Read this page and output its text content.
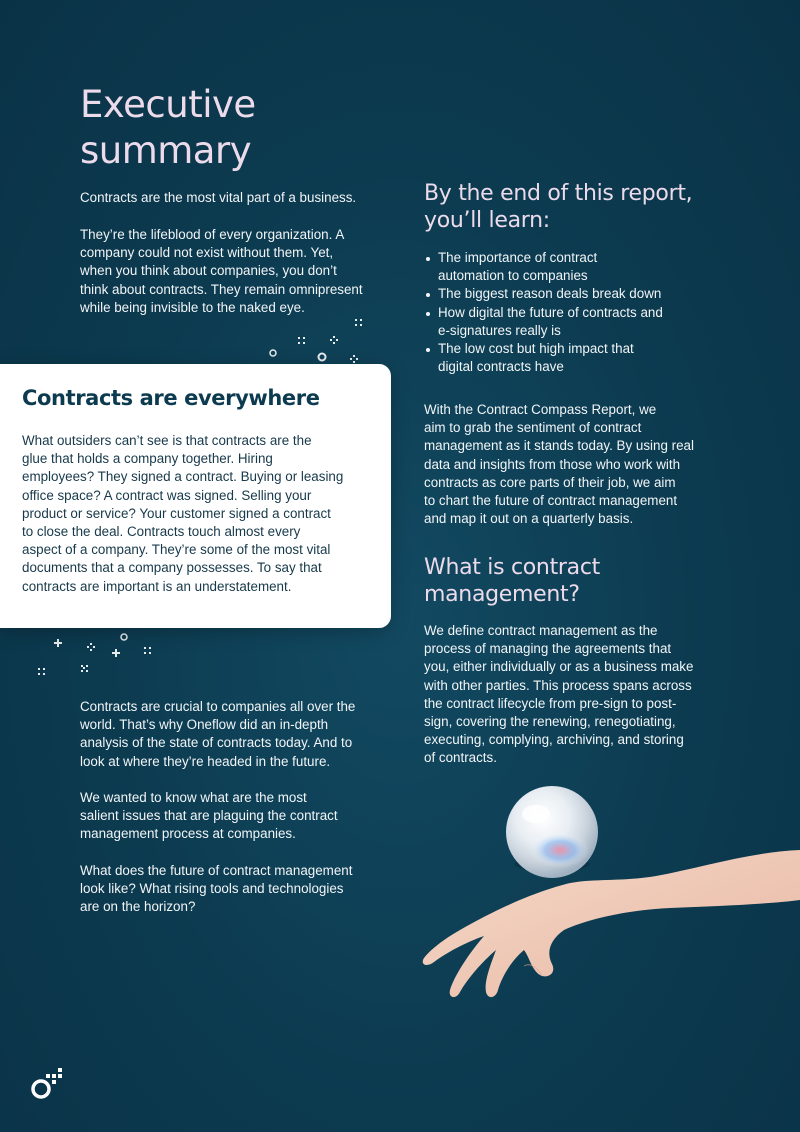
Executive
summary

Contracts are the most vital part of a business.

They’re the lifeblood of every organization. A
company could not exist without them. Yet,
when you think about companies, you don’t
think about contracts. They remain omnipresent
while being invisible to the naked eye.

Contracts are everywhere

What outsiders can’t see is that contracts are the
glue that holds a company together. Hiring
employees? They signed a contract. Buying or leasing
office space? A contract was signed. Selling your
product or service? Your customer signed a contract
to close the deal. Contracts touch almost every
aspect of a company. They’re some of the most vital
documents that a company possesses. To say that
contracts are important is an understatement.

Contracts are crucial to companies all over the
world. That’s why Oneflow did an in-depth
analysis of the state of contracts today. And to
look at where they’re headed in the future.

We wanted to know what are the most
salient issues that are plaguing the contract
management process at companies.

What does the future of contract management
look like? What rising tools and technologies
are on the horizon?

By the end of this report,
you’ll learn:
The importance of contract
automation to companies
The biggest reason deals break down
How digital the future of contracts and
e-signatures really is
The low cost but high impact that
digital contracts have

With the Contract Compass Report, we
aim to grab the sentiment of contract
management as it stands today. By using real
data and insights from those who work with
contracts as core parts of their job, we aim
to chart the future of contract management
and map it out on a quarterly basis.

What is contract
management?

We define contract management as the
process of managing the agreements that
you, either individually or as a business make
with other parties. This process spans across
the contract lifecycle from pre-sign to post-
sign, covering the renewing, renegotiating,
executing, complying, archiving, and storing
of contracts.
